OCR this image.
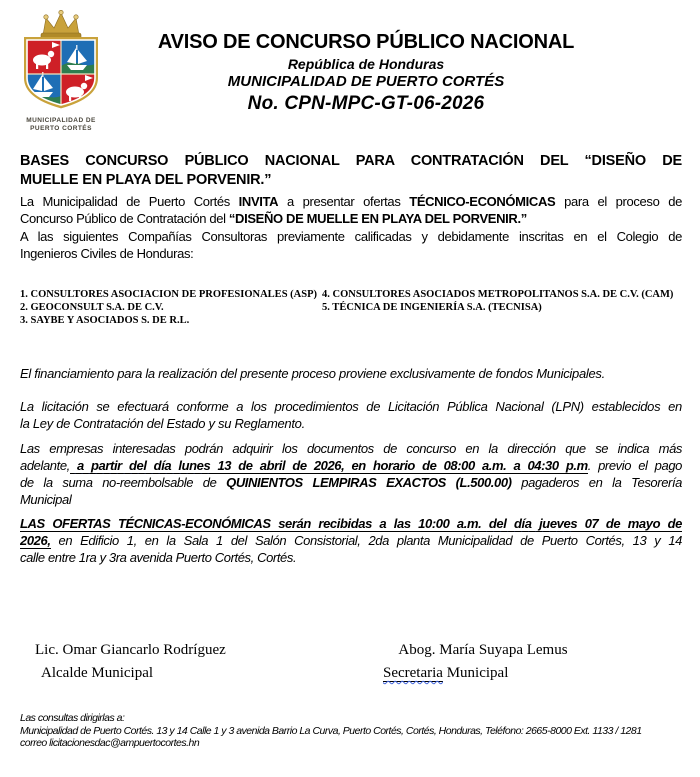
MUNICIPALIDAD DE
PUERTO CORTÉS
AVISO DE CONCURSO PÚBLICO NACIONAL
República de Honduras
MUNICIPALIDAD DE PUERTO CORTÉS
No. CPN-MPC-GT-06-2026
BASES CONCURSO PÚBLICO NACIONAL PARA CONTRATACIÓN DEL “DISEÑO DE
MUELLE EN PLAYA DEL PORVENIR.”
La Municipalidad de Puerto Cortés INVITA a presentar ofertas TÉCNICO-ECONÓMICAS para el proceso de
Concurso Público de Contratación del “DISEÑO DE MUELLE EN PLAYA DEL PORVENIR.”
A las siguientes Compañías Consultoras previamente calificadas y debidamente inscritas en el Colegio de
Ingenieros Civiles de Honduras:
1. CONSULTORES ASOCIACION DE PROFESIONALES (ASP)
2. GEOCONSULT S.A. DE C.V.
3. SAYBE Y ASOCIADOS S. DE R.L.
4. CONSULTORES ASOCIADOS METROPOLITANOS S.A. DE C.V. (CAM)
5. TÉCNICA DE INGENIERÍA S.A. (TECNISA)
El financiamiento para la realización del presente proceso proviene exclusivamente de fondos Municipales.
La licitación se efectuará conforme a los procedimientos de Licitación Pública Nacional (LPN) establecidos en
la Ley de Contratación del Estado y su Reglamento.
Las empresas interesadas podrán adquirir los documentos de concurso en la dirección que se indica más
adelante, a partir del día lunes 13 de abril de 2026, en horario de 08:00 a.m. a 04:30 p.m. previo el pago
de la suma no-reembolsable de QUINIENTOS LEMPIRAS EXACTOS (L.500.00) pagaderos en la Tesorería
Municipal
LAS OFERTAS TÉCNICAS-ECONÓMICAS serán recibidas a las 10:00 a.m. del día jueves 07 de mayo de
2026, en Edificio 1, en la Sala 1 del Salón Consistorial, 2da planta Municipalidad de Puerto Cortés, 13 y 14
calle entre 1ra y 3ra avenida Puerto Cortés, Cortés.
Lic. Omar Giancarlo Rodríguez
Alcalde Municipal
Abog. María Suyapa Lemus
Secretaria Municipal
Las consultas dirigirlas a:
Municipalidad de Puerto Cortés. 13 y 14 Calle 1 y 3 avenida Barrio La Curva, Puerto Cortés, Cortés, Honduras, Teléfono: 2665-8000 Ext. 1133 / 1281
correo licitacionesdac@ampuertocortes.hn
